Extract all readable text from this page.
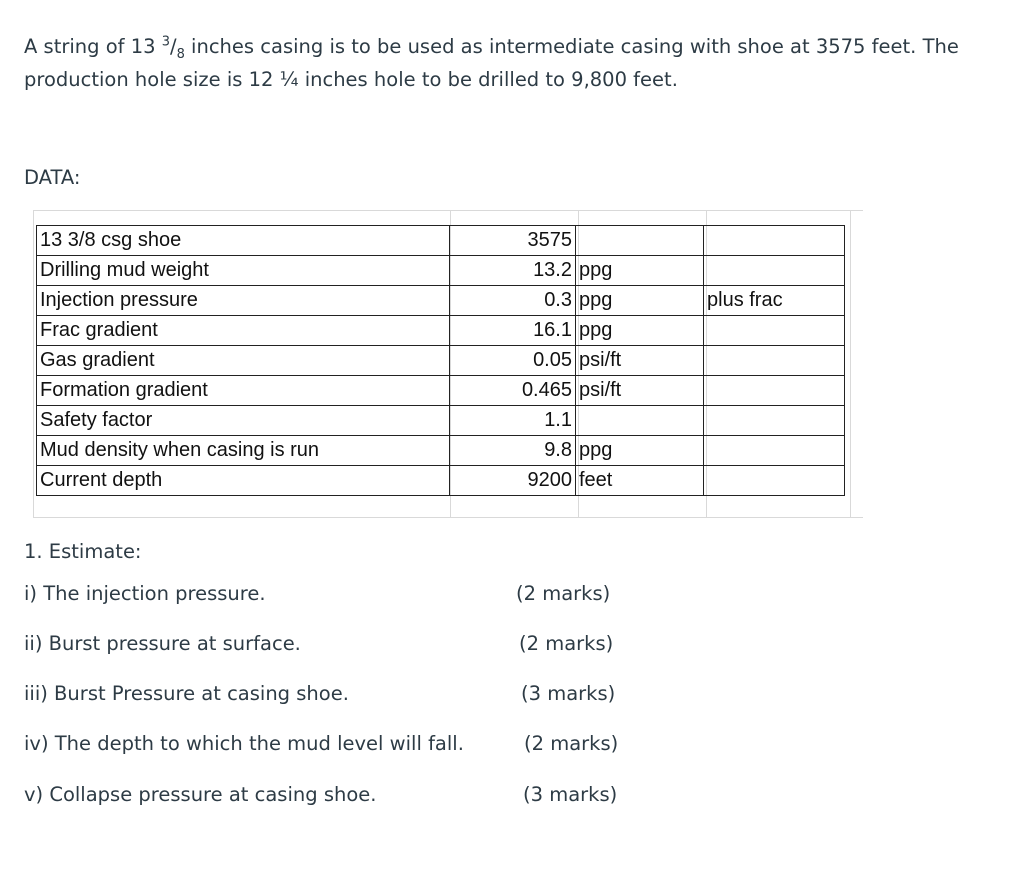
A string of 13 $^3/_8$ inches casing is to be used as intermediate casing with shoe at 3575 feet. The production hole size is 12 ¼ inches hole to be drilled to 9,800 feet.

DATA:

13 3/8 csg shoe	3575		
Drilling mud weight	13.2	ppg	
Injection pressure	0.3	ppg	plus frac
Frac gradient	16.1	ppg	
Gas gradient	0.05	psi/ft	
Formation gradient	0.465	psi/ft	
Safety factor	1.1		
Mud density when casing is run	9.8	ppg	
Current depth	9200	feet	
1. Estimate:
i) The injection pressure.	(2 marks)
ii) Burst pressure at surface.	(2 marks)
iii) Burst Pressure at casing shoe.	(3 marks)
iv) The depth to which the mud level will fall.	(2 marks)
v) Collapse pressure at casing shoe.	(3 marks)
